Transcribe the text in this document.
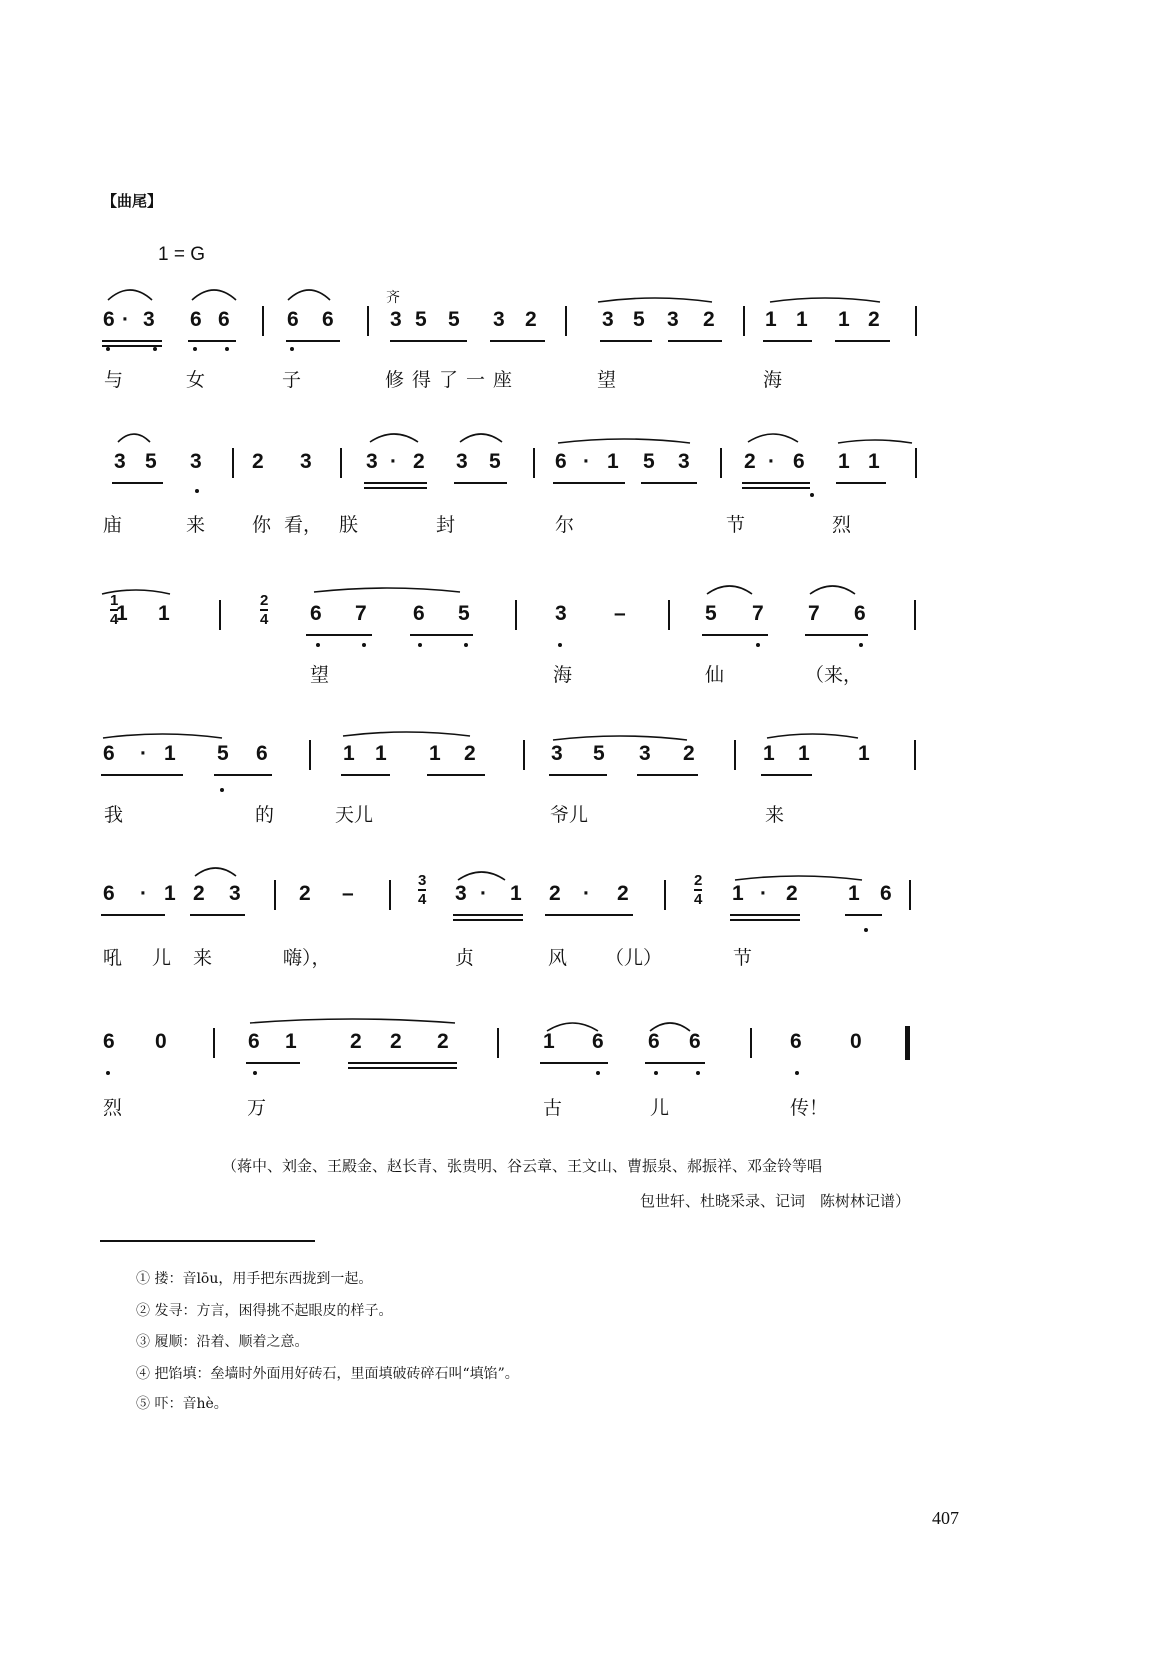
【曲尾】
1 = G
6 · 3 6 6	6 6	3 5 5 3 2	3 5 3 2 1 1 1 2
与	女	子	修得了一座	望	海
齐
3 5 3 2 3	3 · 2 3 5	6 · 1 5 3	2 · 6 1 1
庙	来 你 看， 朕	封	尔	节	烈
1 1	6 7 6 5	3 –	5 7 7 6
望	海	仙	（来，
1
4
2
4
6 · 1 5 6	1 1 1 2	3 5 3 2	1 1 1
我	的	天儿	爷儿	来
6 · 1 2 3	2 –	3 · 1 2 · 2	1 · 2 1 6
吼 儿 来	嗨），	贞	风 （儿）	节
3
4
2
4
6 0	6 1	2 2 2	1 6 6 6	6 0
烈	万	古	儿	传！
（蒋中、刘金、王殿金、赵长青、张贵明、谷云章、王文山、曹振泉、郝振祥、邓金铃等唱
包世轩、杜晓采录、记词　陈树林记谱）
① 搂：音lōu，用手把东西拢到一起。
② 发寻：方言，困得挑不起眼皮的样子。
③ 履顺：沿着、顺着之意。
④ 把馅填：垒墙时外面用好砖石，里面填破砖碎石叫“填馅”。
⑤ 吓：音hè。
407
